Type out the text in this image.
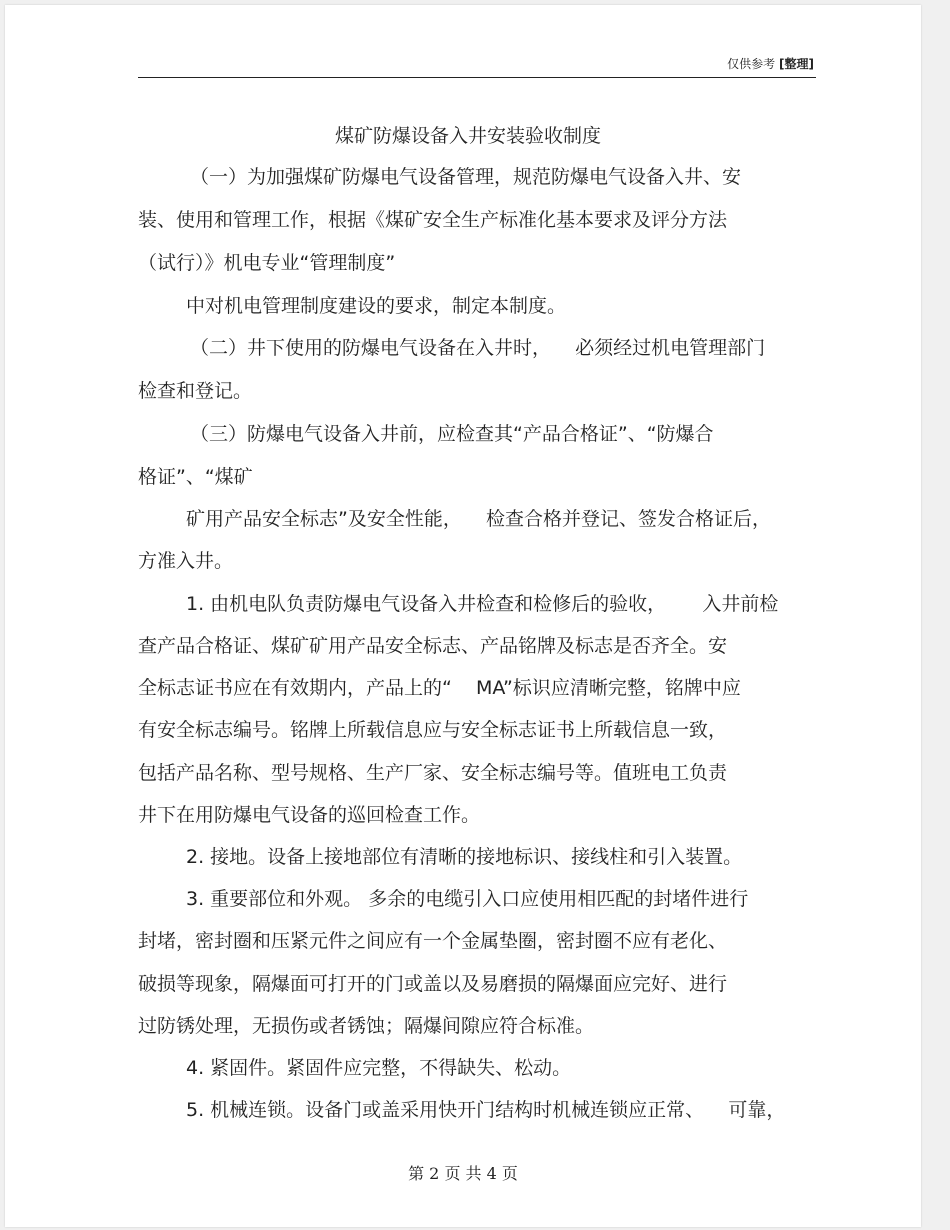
仅供参考 [整理]
煤矿防爆设备入井安装验收制度
（一）为加强煤矿防爆电气设备管理，规范防爆电气设备入井、安
装、使用和管理工作，根据《煤矿安全生产标准化基本要求及评分方法
（试行）》机电专业“管理制度”
中对机电管理制度建设的要求，制定本制度。
（二）井下使用的防爆电气设备在入井时，    必须经过机电管理部门
检查和登记。
（三）防爆电气设备入井前，应检查其“产品合格证”、“防爆合
格证”、“煤矿
矿用产品安全标志”及安全性能，    检查合格并登记、签发合格证后，
方准入井。
1. 由机电队负责防爆电气设备入井检查和检修后的验收，      入井前检
查产品合格证、煤矿矿用产品安全标志、产品铭牌及标志是否齐全。安
全标志证书应在有效期内，产品上的“    MA”标识应清晰完整，铭牌中应
有安全标志编号。铭牌上所载信息应与安全标志证书上所载信息一致，
包括产品名称、型号规格、生产厂家、安全标志编号等。值班电工负责
井下在用防爆电气设备的巡回检查工作。
2. 接地。设备上接地部位有清晰的接地标识、接线柱和引入装置。
3. 重要部位和外观。 多余的电缆引入口应使用相匹配的封堵件进行
封堵，密封圈和压紧元件之间应有一个金属垫圈，密封圈不应有老化、
破损等现象，隔爆面可打开的门或盖以及易磨损的隔爆面应完好、进行
过防锈处理，无损伤或者锈蚀；隔爆间隙应符合标准。
4. 紧固件。紧固件应完整，不得缺失、松动。
5. 机械连锁。设备门或盖采用快开门结构时机械连锁应正常、    可靠，
第 2 页 共 4 页
